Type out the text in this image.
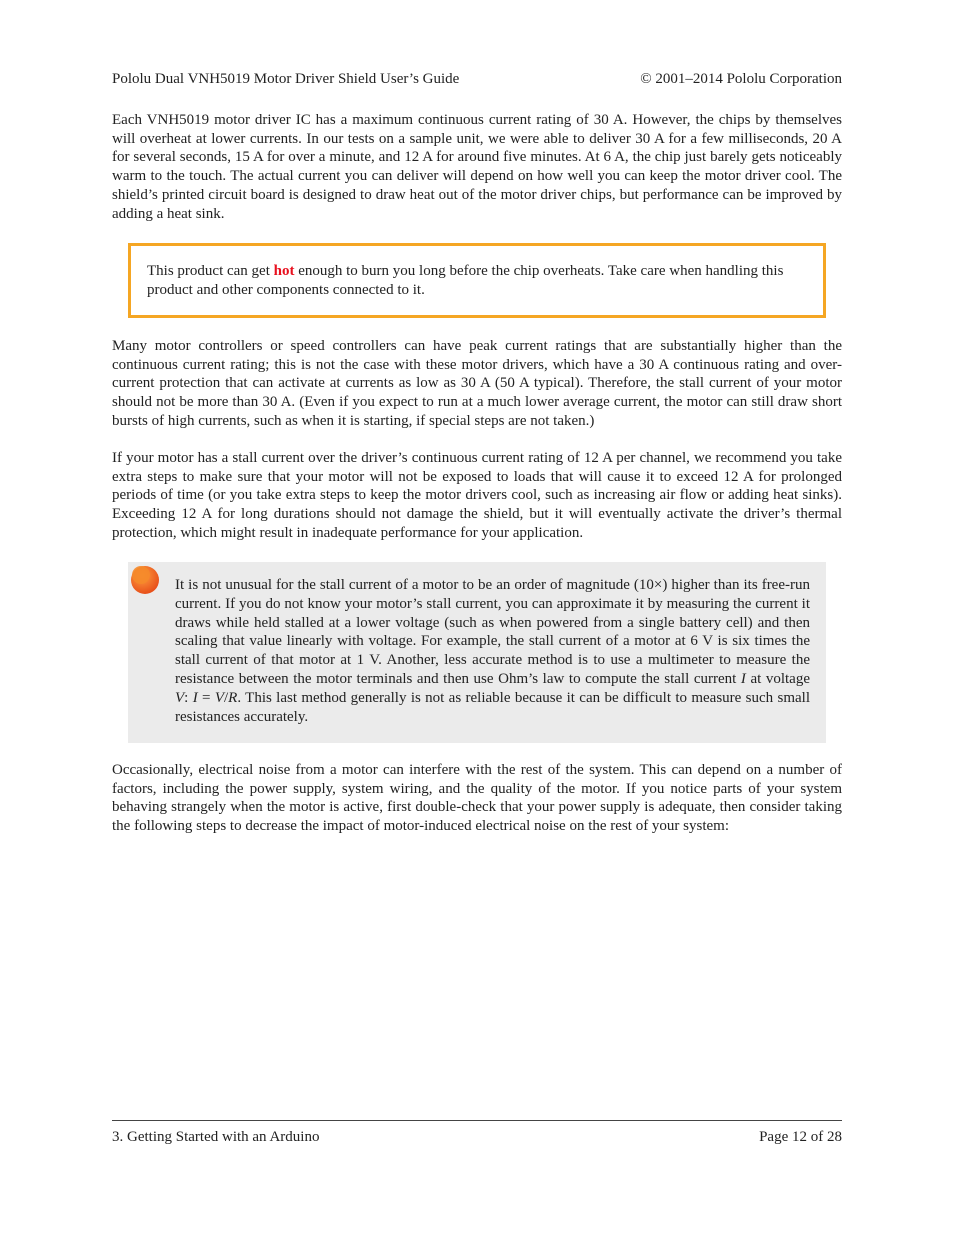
Pololu Dual VNH5019 Motor Driver Shield User’s Guide	© 2001–2014 Pololu Corporation

Each VNH5019 motor driver IC has a maximum continuous current rating of 30 A. However, the chips by themselves will overheat at lower currents. In our tests on a sample unit, we were able to deliver 30 A for a few milliseconds, 20 A for several seconds, 15 A for over a minute, and 12 A for around five minutes. At 6 A, the chip just barely gets noticeably warm to the touch. The actual current you can deliver will depend on how well you can keep the motor driver cool. The shield’s printed circuit board is designed to draw heat out of the motor driver chips, but performance can be improved by adding a heat sink.

This product can get hot enough to burn you long before the chip overheats. Take care when handling this product and other components connected to it.

Many motor controllers or speed controllers can have peak current ratings that are substantially higher than the continuous current rating; this is not the case with these motor drivers, which have a 30 A continuous rating and over-current protection that can activate at currents as low as 30 A (50 A typical). Therefore, the stall current of your motor should not be more than 30 A. (Even if you expect to run at a much lower average current, the motor can still draw short bursts of high currents, such as when it is starting, if special steps are not taken.)

If your motor has a stall current over the driver’s continuous current rating of 12 A per channel, we recommend you take extra steps to make sure that your motor will not be exposed to loads that will cause it to exceed 12 A for prolonged periods of time (or you take extra steps to keep the motor drivers cool, such as increasing air flow or adding heat sinks). Exceeding 12 A for long durations should not damage the shield, but it will eventually activate the driver’s thermal protection, which might result in inadequate performance for your application.

It is not unusual for the stall current of a motor to be an order of magnitude (10×) higher than its free-run current. If you do not know your motor’s stall current, you can approximate it by measuring the current it draws while held stalled at a lower voltage (such as when powered from a single battery cell) and then scaling that value linearly with voltage. For example, the stall current of a motor at 6 V is six times the stall current of that motor at 1 V. Another, less accurate method is to use a multimeter to measure the resistance between the motor terminals and then use Ohm’s law to compute the stall current I at voltage V: I = V/R. This last method generally is not as reliable because it can be difficult to measure such small resistances accurately.

Occasionally, electrical noise from a motor can interfere with the rest of the system. This can depend on a number of factors, including the power supply, system wiring, and the quality of the motor. If you notice parts of your system behaving strangely when the motor is active, first double-check that your power supply is adequate, then consider taking the following steps to decrease the impact of motor-induced electrical noise on the rest of your system:

3. Getting Started with an Arduino	Page 12 of 28
